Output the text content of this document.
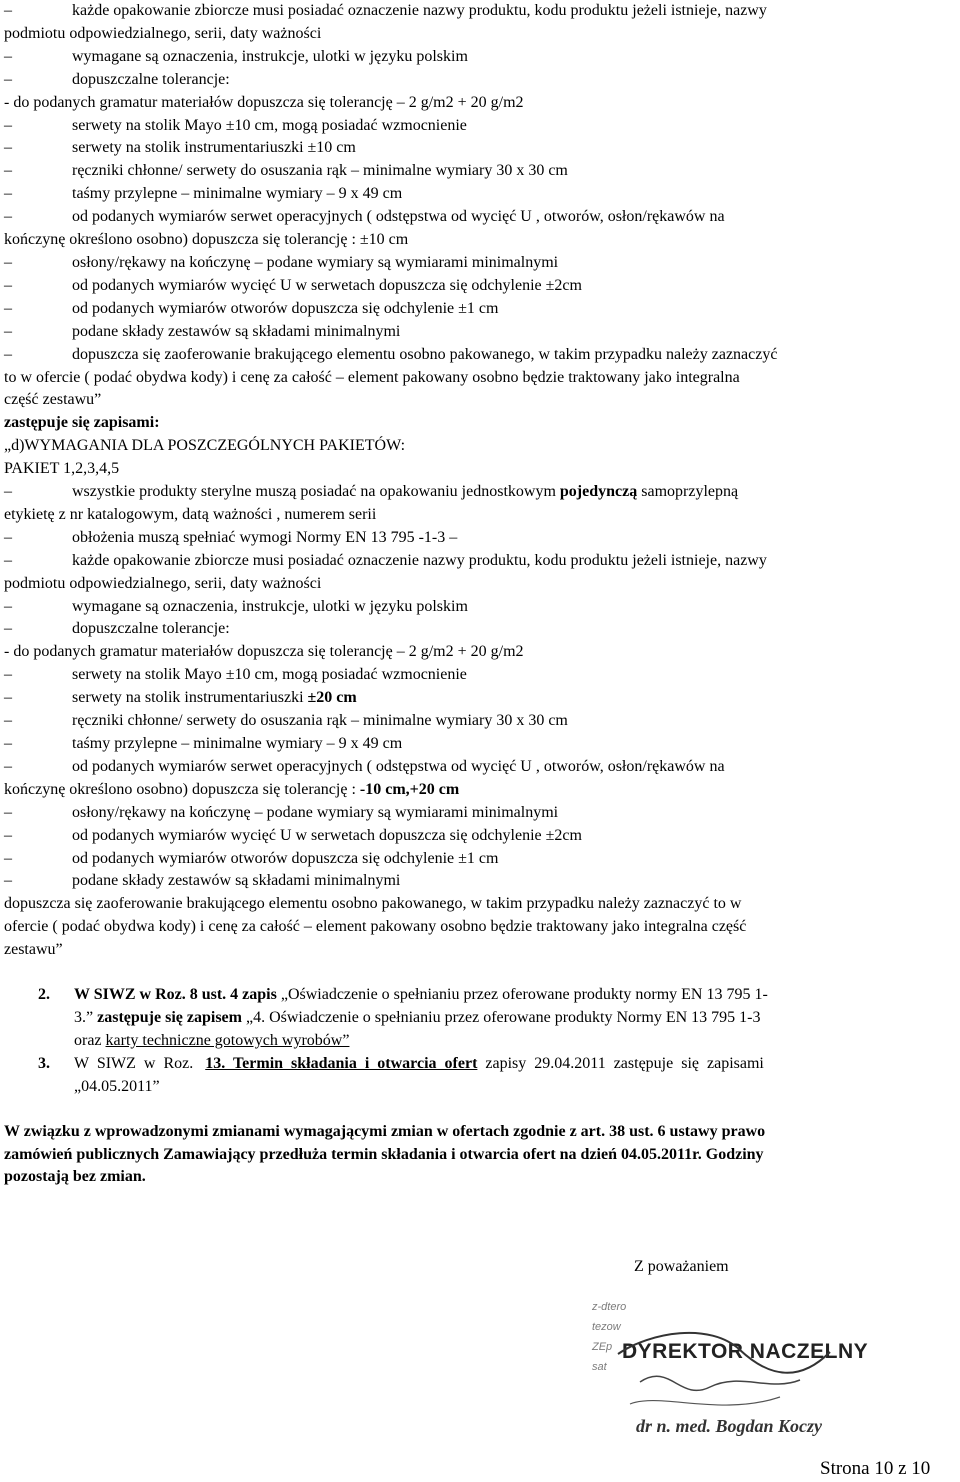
–	każde opakowanie zbiorcze musi posiadać oznaczenie nazwy produktu, kodu produktu jeżeli istnieje, nazwy
podmiotu odpowiedzialnego, serii, daty ważności
–	wymagane są oznaczenia, instrukcje, ulotki w języku polskim
–	dopuszczalne tolerancje:
- do podanych gramatur materiałów dopuszcza się tolerancję – 2 g/m2 + 20 g/m2
–	serwety na stolik Mayo ±10 cm, mogą posiadać wzmocnienie
–	serwety na stolik instrumentariuszki ±10 cm
–	ręczniki chłonne/ serwety do osuszania rąk – minimalne wymiary 30 x 30 cm
–	taśmy przylepne – minimalne wymiary – 9 x 49 cm
–	od podanych wymiarów serwet operacyjnych ( odstępstwa od wycięć U , otworów, osłon/rękawów na
kończynę określono osobno) dopuszcza się tolerancję : ±10 cm
–	osłony/rękawy na kończynę – podane wymiary są wymiarami minimalnymi
–	od podanych wymiarów wycięć U w serwetach dopuszcza się odchylenie ±2cm
–	od podanych wymiarów otworów dopuszcza się odchylenie ±1 cm
–	podane składy zestawów są składami minimalnymi
–	dopuszcza się zaoferowanie brakującego elementu osobno pakowanego, w takim przypadku należy zaznaczyć
to w ofercie ( podać obydwa kody) i cenę za całość – element pakowany osobno będzie traktowany jako integralna
część zestawu”
zastępuje się zapisami:
„d)WYMAGANIA DLA POSZCZEGÓLNYCH PAKIETÓW:
PAKIET 1,2,3,4,5
–	wszystkie produkty sterylne muszą posiadać na opakowaniu jednostkowym pojedynczą samoprzylepną
etykietę z nr katalogowym, datą ważności , numerem serii
–	obłożenia muszą spełniać wymogi Normy EN 13 795 -1-3 –
–	każde opakowanie zbiorcze musi posiadać oznaczenie nazwy produktu, kodu produktu jeżeli istnieje, nazwy
podmiotu odpowiedzialnego, serii, daty ważności
–	wymagane są oznaczenia, instrukcje, ulotki w języku polskim
–	dopuszczalne tolerancje:
- do podanych gramatur materiałów dopuszcza się tolerancję – 2 g/m2 + 20 g/m2
–	serwety na stolik Mayo ±10 cm, mogą posiadać wzmocnienie
–	serwety na stolik instrumentariuszki ±20 cm
–	ręczniki chłonne/ serwety do osuszania rąk – minimalne wymiary 30 x 30 cm
–	taśmy przylepne – minimalne wymiary – 9 x 49 cm
–	od podanych wymiarów serwet operacyjnych ( odstępstwa od wycięć U , otworów, osłon/rękawów na
kończynę określono osobno) dopuszcza się tolerancję : -10 cm,+20 cm
–	osłony/rękawy na kończynę – podane wymiary są wymiarami minimalnymi
–	od podanych wymiarów wycięć U w serwetach dopuszcza się odchylenie ±2cm
–	od podanych wymiarów otworów dopuszcza się odchylenie ±1 cm
–	podane składy zestawów są składami minimalnymi
dopuszcza się zaoferowanie brakującego elementu osobno pakowanego, w takim przypadku należy zaznaczyć to w
ofercie ( podać obydwa kody) i cenę za całość – element pakowany osobno będzie traktowany jako integralna część
zestawu”
2. W SIWZ w Roz. 8 ust. 4 zapis „Oświadczenie o spełnianiu przez oferowane produkty normy EN 13 795 1-
3.” zastępuje się zapisem „4. Oświadczenie o spełnianiu przez oferowane produkty Normy EN 13 795 1-3
oraz karty techniczne gotowych wyrobów”
3. W  SIWZ  w  Roz.   13.  Termin  składania  i  otwarcia  ofert  zapisy  29.04.2011  zastępuje  się  zapisami
„04.05.2011”
W związku z wprowadzonymi zmianami wymagającymi zmian w ofertach zgodnie z art. 38 ust. 6 ustawy prawo
zamówień publicznych Zamawiający przedłuża termin składania i otwarcia ofert na dzień 04.05.2011r. Godziny
pozostają bez zmian.
Z poważaniem
z-dtero
tezow
ZEp
sat
DYREKTOR NACZELNY
dr n. med. Bogdan Koczy
Strona 10 z 10
